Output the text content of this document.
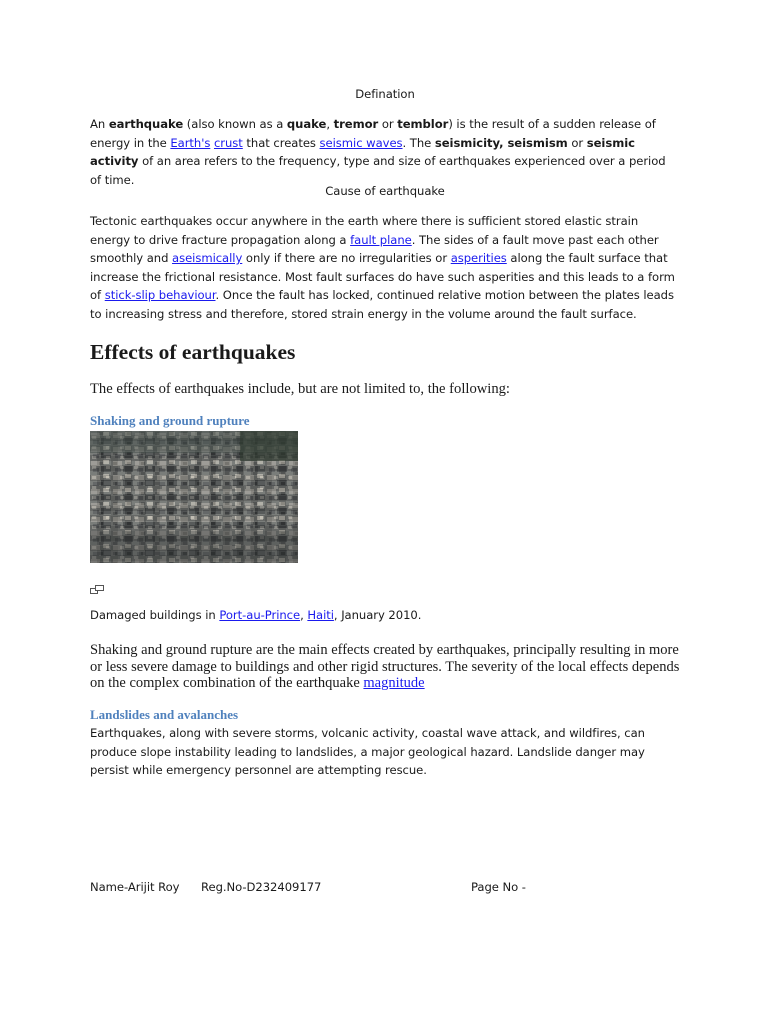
Defination

An earthquake (also known as a quake, tremor or temblor) is the result of a sudden release of energy in the Earth's crust that creates seismic waves. The seismicity, seismism or seismic activity of an area refers to the frequency, type and size of earthquakes experienced over a period of time.

Cause of earthquake

Tectonic earthquakes occur anywhere in the earth where there is sufficient stored elastic strain energy to drive fracture propagation along a fault plane. The sides of a fault move past each other smoothly and aseismically only if there are no irregularities or asperities along the fault surface that increase the frictional resistance. Most fault surfaces do have such asperities and this leads to a form of stick-slip behaviour. Once the fault has locked, continued relative motion between the plates leads to increasing stress and therefore, stored strain energy in the volume around the fault surface.

Effects of earthquakes

The effects of earthquakes include, but are not limited to, the following:

Shaking and ground rupture

Damaged buildings in Port-au-Prince, Haiti, January 2010.

Shaking and ground rupture are the main effects created by earthquakes, principally resulting in more or less severe damage to buildings and other rigid structures. The severity of the local effects depends on the complex combination of the earthquake magnitude

Landslides and avalanches

Earthquakes, along with severe storms, volcanic activity, coastal wave attack, and wildfires, can produce slope instability leading to landslides, a major geological hazard. Landslide danger may persist while emergency personnel are attempting rescue.

Name-Arijit Roy Reg.No-D232409177	Page No -
